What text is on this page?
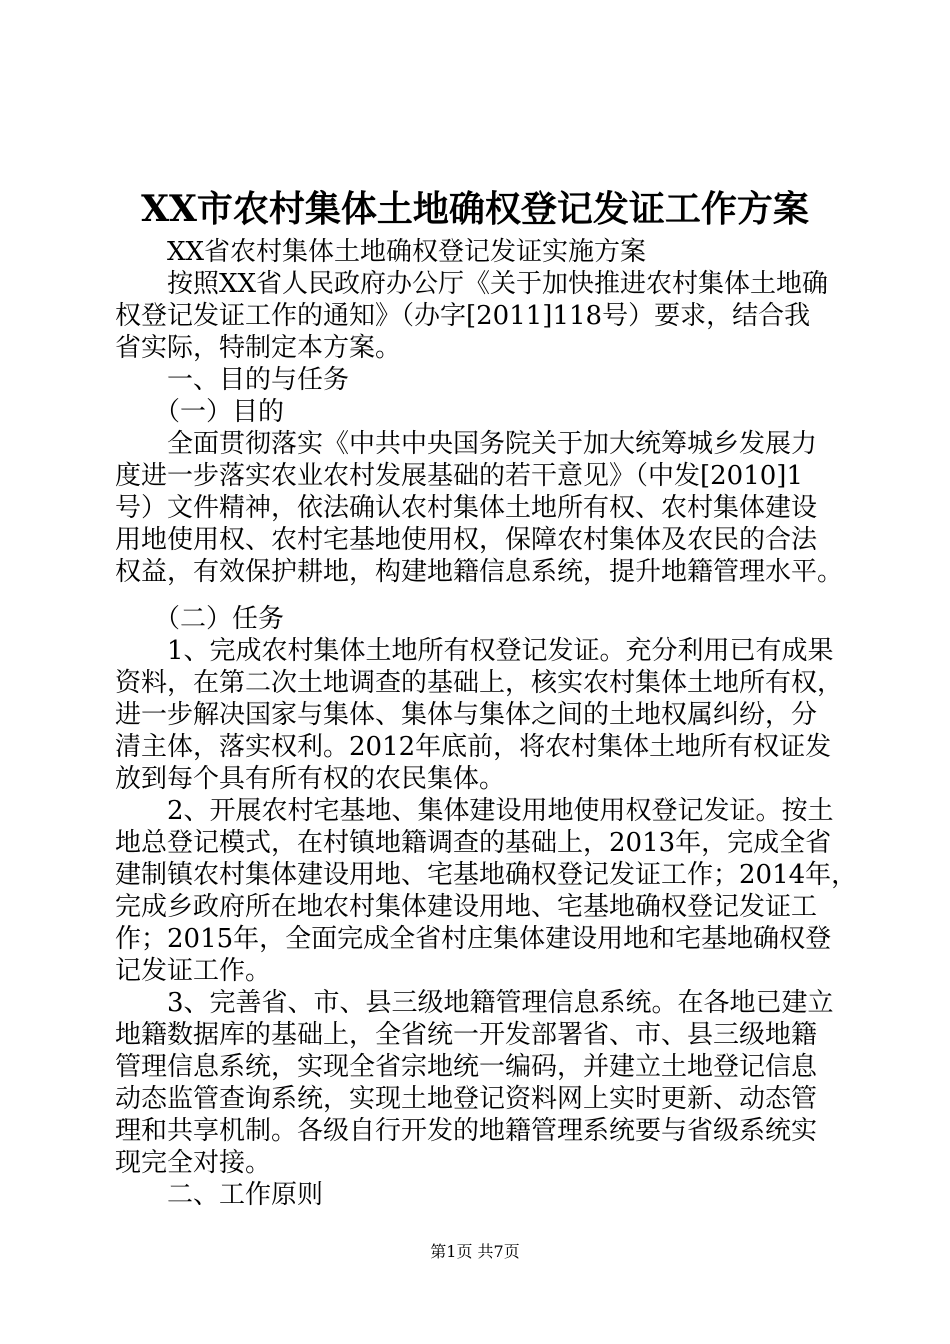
XX市农村集体土地确权登记发证工作方案

　　XX省农村集体土地确权登记发证实施方案

　　按照XX省人民政府办公厅《关于加快推进农村集体土地确

权登记发证工作的通知》（办字[2011]118号）要求，结合我

省实际，特制定本方案。

　　一、目的与任务

　　（一）目的

　　全面贯彻落实《中共中央国务院关于加大统筹城乡发展力

度进一步落实农业农村发展基础的若干意见》（中发[2010]1

号）文件精神，依法确认农村集体土地所有权、农村集体建设

用地使用权、农村宅基地使用权，保障农村集体及农民的合法

权益，有效保护耕地，构建地籍信息系统，提升地籍管理水平。

　　（二）任务

　　1、完成农村集体土地所有权登记发证。充分利用已有成果

资料，在第二次土地调查的基础上，核实农村集体土地所有权，

进一步解决国家与集体、集体与集体之间的土地权属纠纷，分

清主体，落实权利。2012年底前，将农村集体土地所有权证发

放到每个具有所有权的农民集体。

　　2、开展农村宅基地、集体建设用地使用权登记发证。按土

地总登记模式，在村镇地籍调查的基础上，2013年，完成全省

建制镇农村集体建设用地、宅基地确权登记发证工作；2014年，

完成乡政府所在地农村集体建设用地、宅基地确权登记发证工

作；2015年，全面完成全省村庄集体建设用地和宅基地确权登

记发证工作。

　　3、完善省、市、县三级地籍管理信息系统。在各地已建立

地籍数据库的基础上，全省统一开发部署省、市、县三级地籍

管理信息系统，实现全省宗地统一编码，并建立土地登记信息

动态监管查询系统，实现土地登记资料网上实时更新、动态管

理和共享机制。各级自行开发的地籍管理系统要与省级系统实

现完全对接。

　　二、工作原则

第1页 共7页
